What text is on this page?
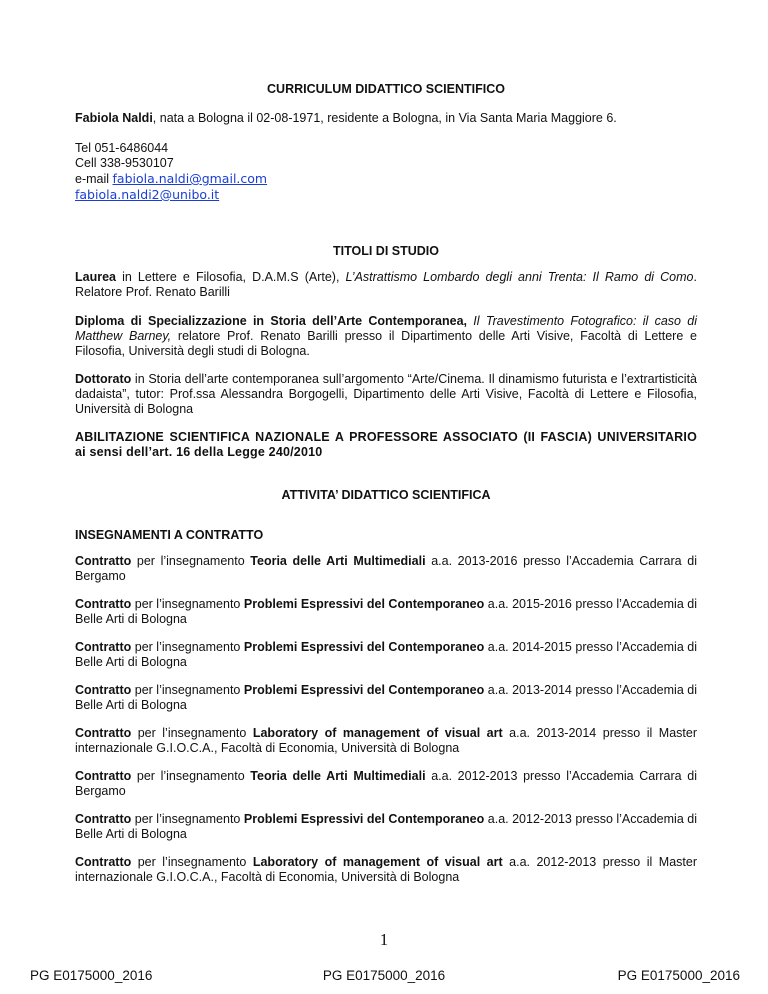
CURRICULUM DIDATTICO SCIENTIFICO
Fabiola Naldi, nata a Bologna il 02-08-1971, residente a Bologna, in Via Santa Maria Maggiore 6.
Tel 051-6486044
Cell 338-9530107
e-mail fabiola.naldi@gmail.com
fabiola.naldi2@unibo.it
TITOLI DI STUDIO
Laurea in Lettere e Filosofia, D.A.M.S (Arte), L’Astrattismo Lombardo degli anni Trenta: Il Ramo di Como. Relatore Prof. Renato Barilli
Diploma di Specializzazione in Storia dell’Arte Contemporanea, Il Travestimento Fotografico: il caso di Matthew Barney, relatore Prof. Renato Barilli presso il Dipartimento delle Arti Visive, Facoltà di Lettere e Filosofia, Università degli studi di Bologna.
Dottorato in Storia dell’arte contemporanea sull’argomento “Arte/Cinema. Il dinamismo futurista e l’extrartisticità dadaista”, tutor: Prof.ssa Alessandra Borgogelli, Dipartimento delle Arti Visive, Facoltà di Lettere e Filosofia, Università di Bologna
ABILITAZIONE SCIENTIFICA NAZIONALE A PROFESSORE ASSOCIATO (II FASCIA) UNIVERSITARIO ai sensi dell’art. 16 della Legge 240/2010
ATTIVITA’ DIDATTICO SCIENTIFICA
INSEGNAMENTI A CONTRATTO
Contratto per l’insegnamento Teoria delle Arti Multimediali a.a. 2013-2016 presso l’Accademia Carrara di Bergamo
Contratto per l’insegnamento Problemi Espressivi del Contemporaneo a.a. 2015-2016 presso l’Accademia di Belle Arti di Bologna
Contratto per l’insegnamento Problemi Espressivi del Contemporaneo a.a. 2014-2015 presso l’Accademia di Belle Arti di Bologna
Contratto per l’insegnamento Problemi Espressivi del Contemporaneo a.a. 2013-2014 presso l’Accademia di Belle Arti di Bologna
Contratto per l’insegnamento Laboratory of management of visual art a.a. 2013-2014 presso il Master internazionale G.I.O.C.A., Facoltà di Economia, Università di Bologna
Contratto per l’insegnamento Teoria delle Arti Multimediali a.a. 2012-2013 presso l’Accademia Carrara di Bergamo
Contratto per l’insegnamento Problemi Espressivi del Contemporaneo a.a. 2012-2013 presso l’Accademia di Belle Arti di Bologna
Contratto per l’insegnamento Laboratory of management of visual art a.a. 2012-2013 presso il Master internazionale G.I.O.C.A., Facoltà di Economia, Università di Bologna
1
PG E0175000_2016	PG E0175000_2016	PG E0175000_2016
